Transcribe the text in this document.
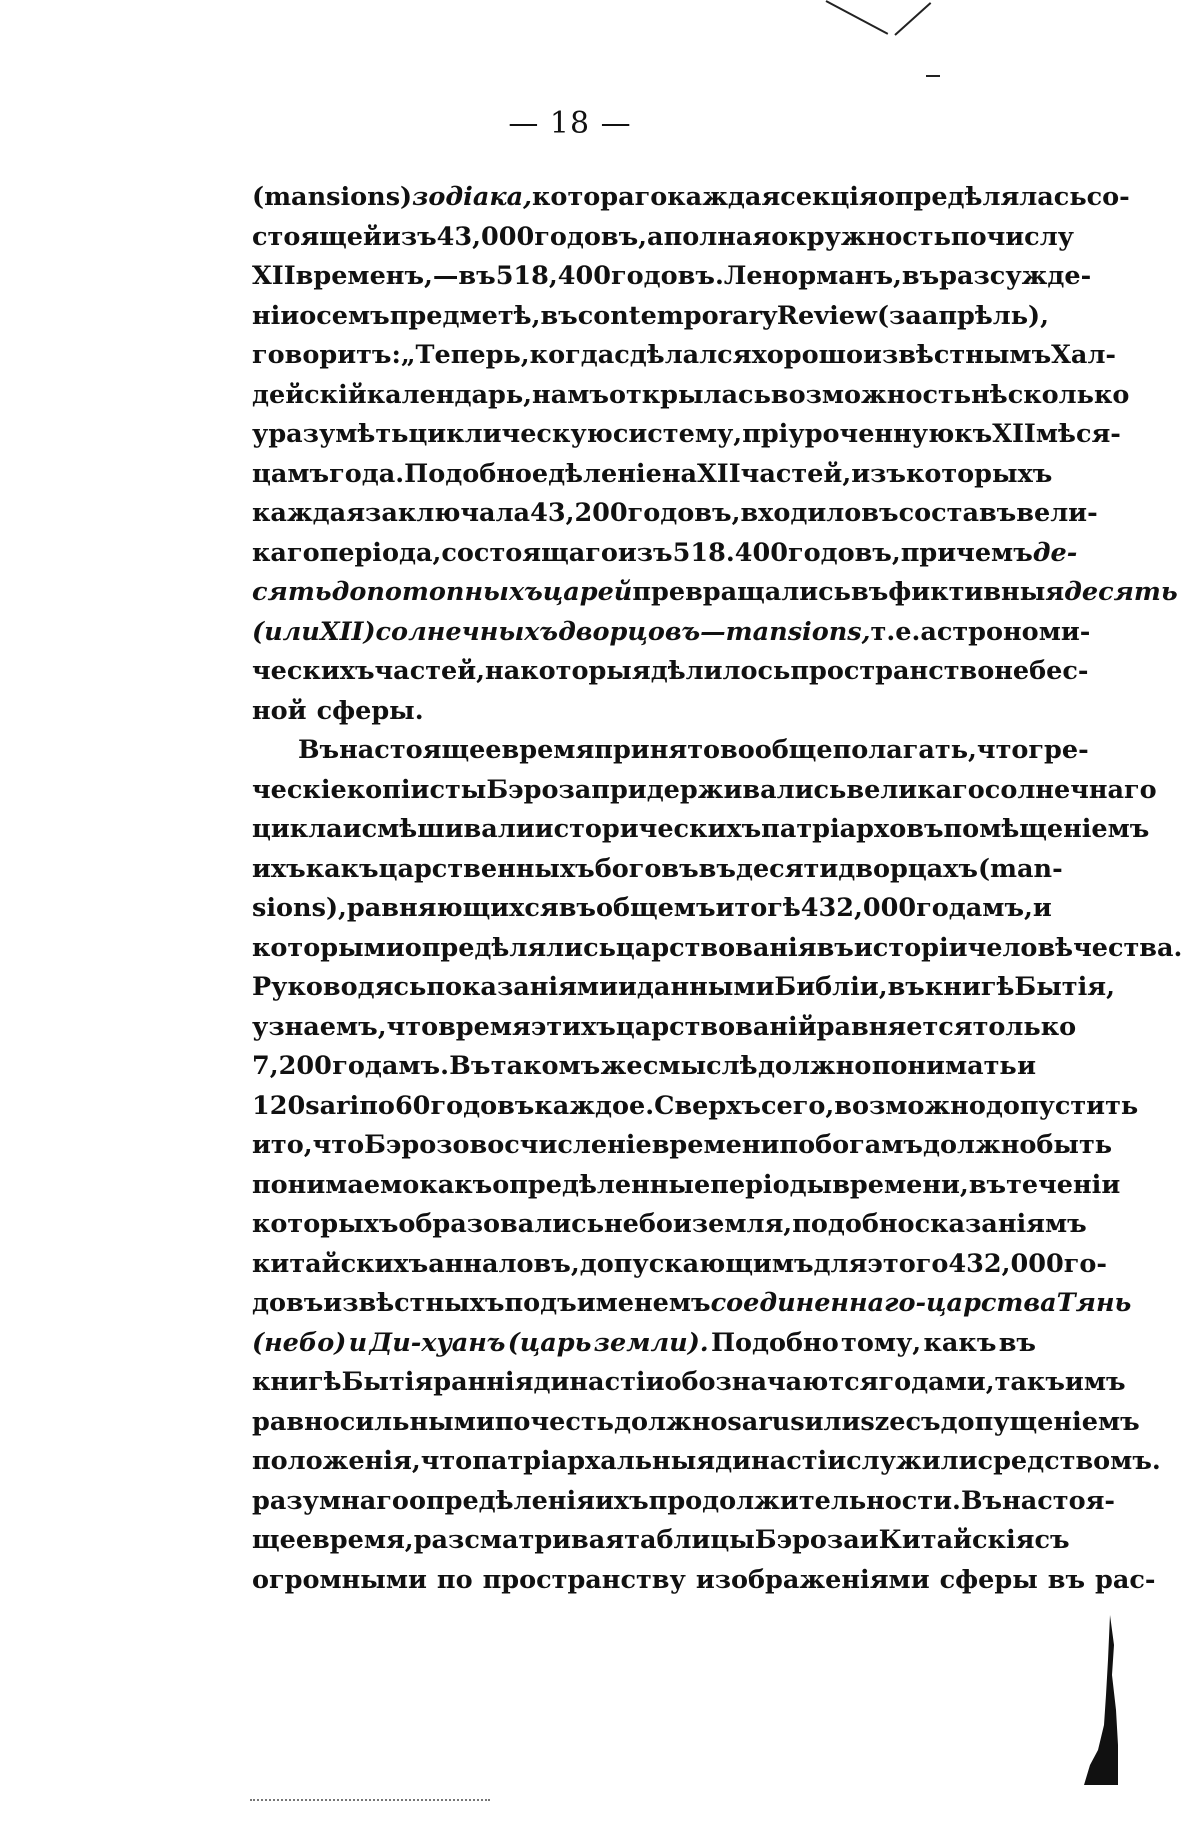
— 18 —
(mansions) зодіака, котораго каждая секція опредѣлялась со-
стоящей изъ 43,000 годовъ, а полная окружность по числу
XII временъ,—въ 518,400 годовъ. Ленорманъ, въ разсужде-
ніи о семъ предметѣ, въ contemporary Review (за апрѣль),
говоритъ: „Теперь, когда сдѣлался хорошо извѣстнымъ Хал-
дейскій календарь, намъ открылась возможность нѣсколько
уразумѣть циклическую систему, пріуроченную къ XII мѣся-
цамъ года. Подобное дѣленіе на XII частей, изъ которыхъ
каждая заключала 43,200 годовъ, входило въ составъ вели-
каго періода, состоящаго изъ 518.400 годовъ, при чемъ де-
сять допотопныхъ царей превращались въ фиктивныя десять
(или XII) солнечныхъ дворцовъ—mansions, т. е. астрономи-
ческихъ частей, на которыя дѣлилось пространство небес-
ной сферы.
Въ настоящее время принято вообще полагать, что гре-
ческіе копіисты Бэроза придерживались великаго солнечнаго
цикла и смѣшивали историческихъ патріарховъ помѣщеніемъ
ихъ какъ царственныхъ боговъ въ десяти дворцахъ (man-
sions), равняющихся въ общемъ итогѣ 432,000 годамъ, и
которыми опредѣлялись царствованія въ исторіи человѣчества.
Руководясь показаніями и данными Библіи, въ книгѣ Бытія,
узнаемъ, что время этихъ царствованій равняется только
7,200 годамъ. Въ такомъ же смыслѣ должно понимать и
120 sari по 60 годовъ каждое. Сверхъ сего, возможно допустить
и то, что Бэрозово счисленіе времени по богамъ должно быть
понимаемо какъ опредѣленные періоды времени, въ теченіи
которыхъ образовались небо и земля, подобно сказаніямъ
китайскихъ анналовъ, допускающимъ для этого 432,000 го-
довъ извѣстныхъ подъ именемъ соединеннаго-царства Тянь
(небо) и Ди-хуанъ (царь земли). Подобно тому, какъ въ
книгѣ Бытія раннія династіи обозначаются годами, такъ имъ
равносильными почесть должно sarus или sze съ допущеніемъ
положенія, что патріархальныя династіи служили средствомъ.
разумнаго опредѣленія ихъ продолжительности. Въ настоя-
щее время, разсматривая таблицы Бэроза и Китайскія съ
огромными по пространству изображеніями сферы въ рас-
